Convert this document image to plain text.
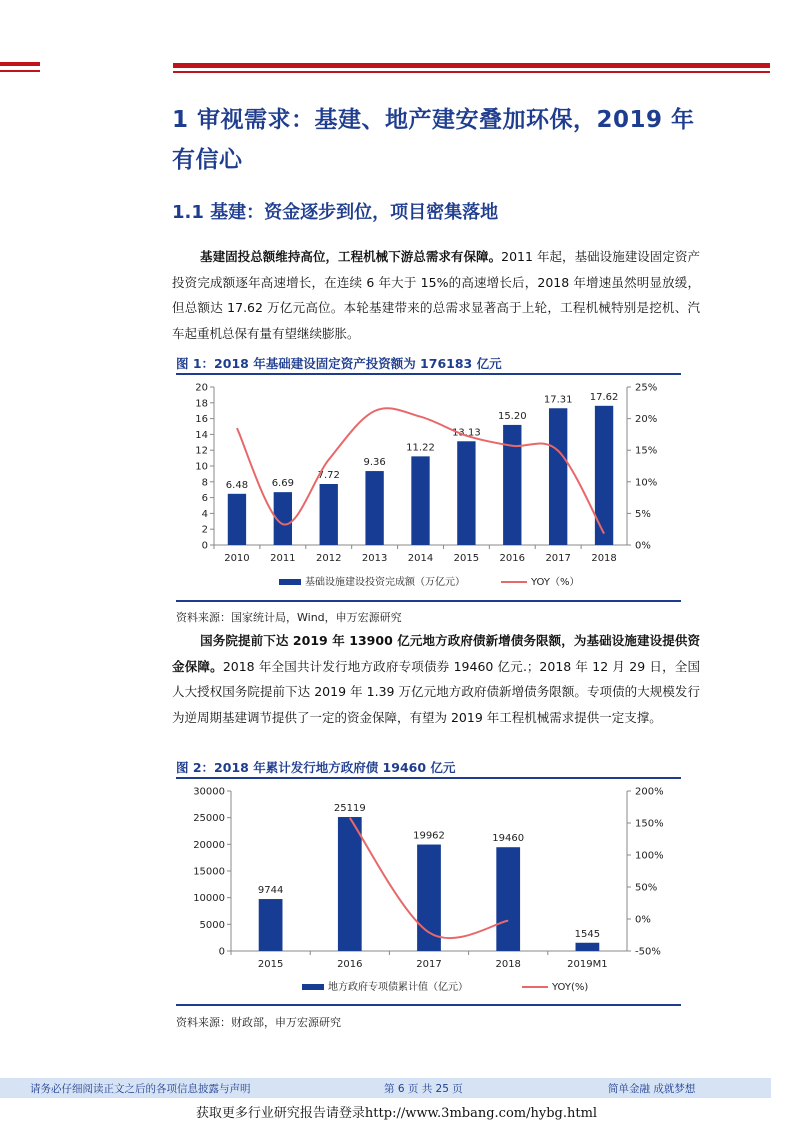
1 审视需求：基建、地产建安叠加环保，2019 年有信心
1.1 基建：资金逐步到位，项目密集落地
基建固投总额维持高位，工程机械下游总需求有保障。2011 年起，基础设施建设固定资产投资完成额逐年高速增长，在连续 6 年大于 15%的高速增长后，2018 年增速虽然明显放缓，但总额达 17.62 万亿元高位。本轮基建带来的总需求显著高于上轮，工程机械特别是挖机、汽车起重机总保有量有望继续膨胀。
图 1：2018 年基础建设固定资产投资额为 176183 亿元
0
2
4
6
8
10
12
14
16
18
20
0%
5%
10%
15%
20%
25%
2010 2011 2012 2013 2014 2015 2016 2017 2018
6.48 6.69
7.72
9.36
11.22
13.13
15.20
17.31 17.62
基础设施建设投资完成额（万亿元）	YOY（%）
资料来源：国家统计局，Wind，申万宏源研究
国务院提前下达 2019 年 13900 亿元地方政府债新增债务限额，为基础设施建设提供资金保障。2018 年全国共计发行地方政府专项债券 19460 亿元.；2018 年 12 月 29 日，全国人大授权国务院提前下达 2019 年 1.39 万亿元地方政府债新增债务限额。专项债的大规模发行为逆周期基建调节提供了一定的资金保障，有望为 2019 年工程机械需求提供一定支撑。
图 2：2018 年累计发行地方政府债 19460 亿元
0
5000
10000
15000
20000
25000
30000
-50%
0%
50%
100%
150%
200%
2015	2016	2017	2018	2019M1
9744
25119
19962	19460
1545
地方政府专项债累计值（亿元）	YOY(%)
资料来源：财政部，申万宏源研究
请务必仔细阅读正文之后的各项信息披露与声明	第 6 页 共 25 页	简单金融 成就梦想
获取更多行业研究报告请登录http://www.3mbang.com/hybg.html
